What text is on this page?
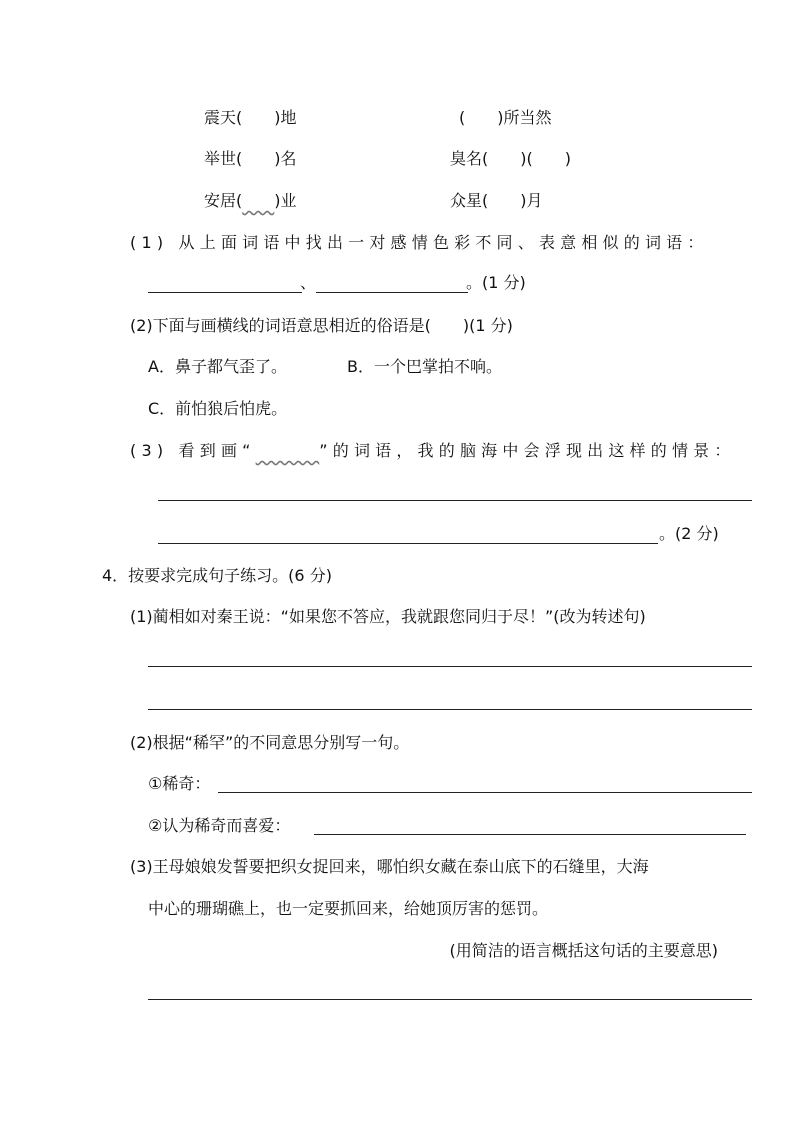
震天(　　)地	(　　)所当然
举世(　　)名	臭名(　　)(　　)
安居(　　 )业	众星(　　)月
(1) 从上面词语中找出一对感情色彩不同、表意相似的词语：
、	。(1 分)
(2)下面与画横线的词语意思相近的俗语是(　　)(1 分)
A．鼻子都气歪了。	B．一个巴掌拍不响。
C．前怕狼后怕虎。
(3) 看到画“　　　	”的词语，我的脑海中会浮现出这样的情景：
。(2 分)
4．按要求完成句子练习。(6 分)
(1)蔺相如对秦王说：“如果您不答应，我就跟您同归于尽！”(改为转述句)
(2)根据“稀罕”的不同意思分别写一句。
①稀奇：
②认为稀奇而喜爱：
(3)王母娘娘发誓要把织女捉回来，哪怕织女藏在泰山底下的石缝里，大海
中心的珊瑚礁上，也一定要抓回来，给她顶厉害的惩罚。
(用简洁的语言概括这句话的主要意思)
